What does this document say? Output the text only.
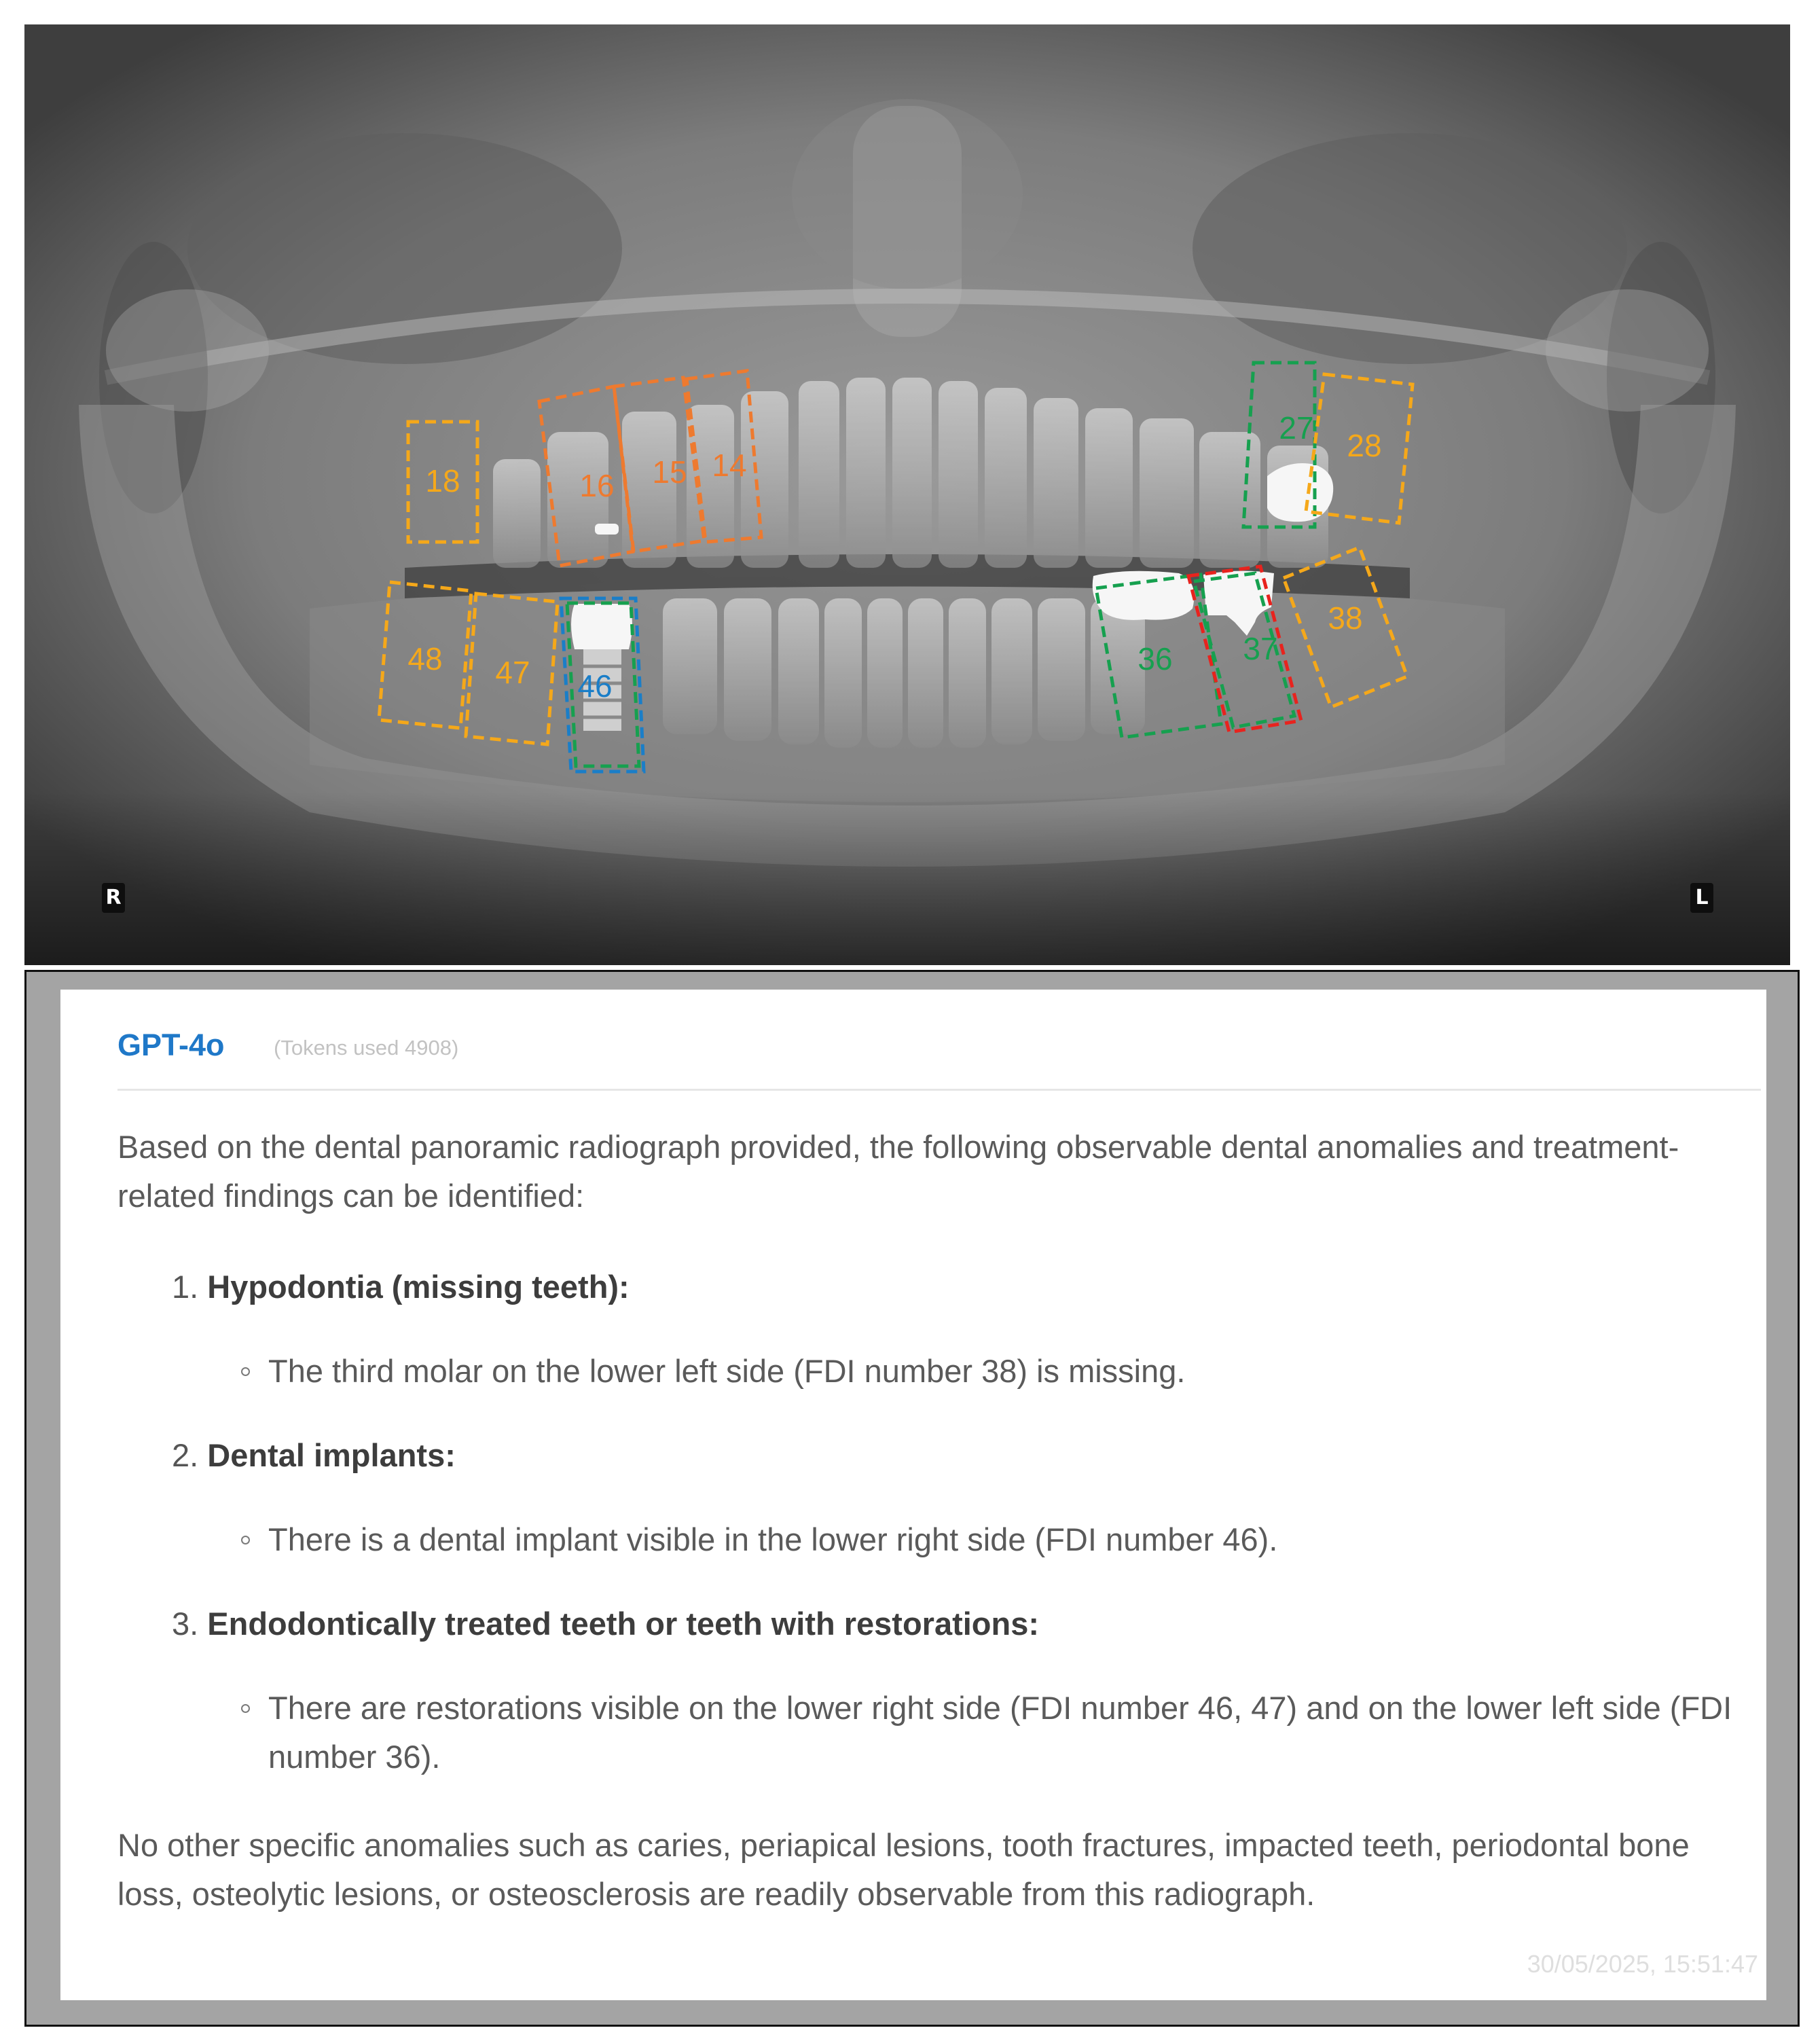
18	16 15 14
27 28
48 47 46
36 37
38
R	L
GPT-4o (Tokens used 4908)
Based on the dental panoramic radiograph provided, the following observable dental anomalies and treatment-related findings can be identified:
1. Hypodontia (missing teeth):
The third molar on the lower left side (FDI number 38) is missing.
2. Dental implants:
There is a dental implant visible in the lower right side (FDI number 46).
3. Endodontically treated teeth or teeth with restorations:
There are restorations visible on the lower right side (FDI number 46, 47) and on the lower left side (FDI number 36).
No other specific anomalies such as caries, periapical lesions, tooth fractures, impacted teeth, periodontal bone loss, osteolytic lesions, or osteosclerosis are readily observable from this radiograph.
30/05/2025, 15:51:47
